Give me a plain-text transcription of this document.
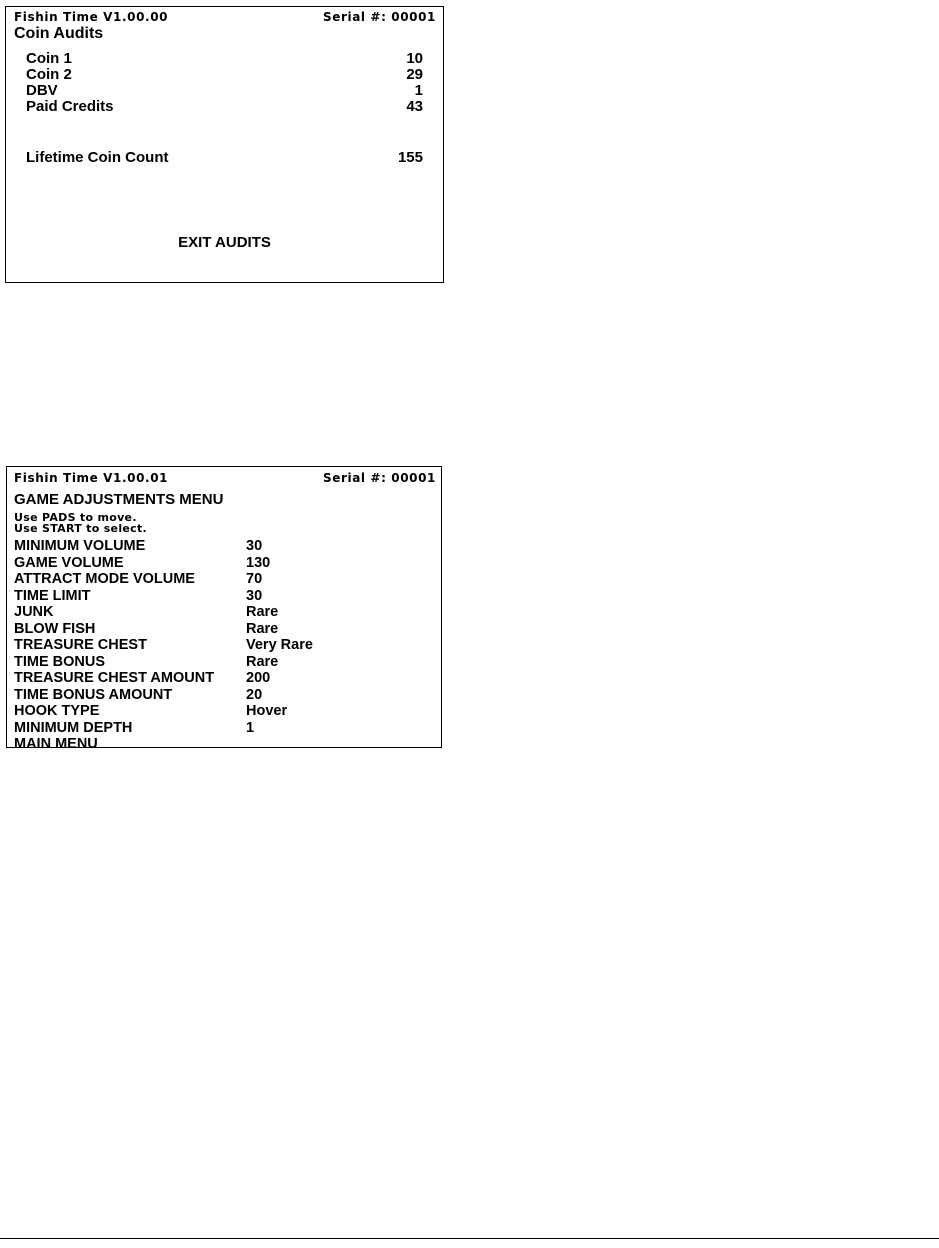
Fishin Time V1.00.00	Serial #: 00001
Coin Audits
Coin 1	10
Coin 2	29
DBV	1
Paid Credits	43
Lifetime Coin Count	155
EXIT AUDITS
Fishin Time V1.00.01	Serial #: 00001
GAME ADJUSTMENTS MENU
Use PADS to move.
Use START to select.
MINIMUM VOLUME	30
GAME VOLUME	130
ATTRACT MODE VOLUME	70
TIME LIMIT	30
JUNK	Rare
BLOW FISH	Rare
TREASURE CHEST	Very Rare
TIME BONUS	Rare
TREASURE CHEST AMOUNT 200
TIME BONUS AMOUNT	20
HOOK TYPE	Hover
MINIMUM DEPTH	1
MAIN MENU
